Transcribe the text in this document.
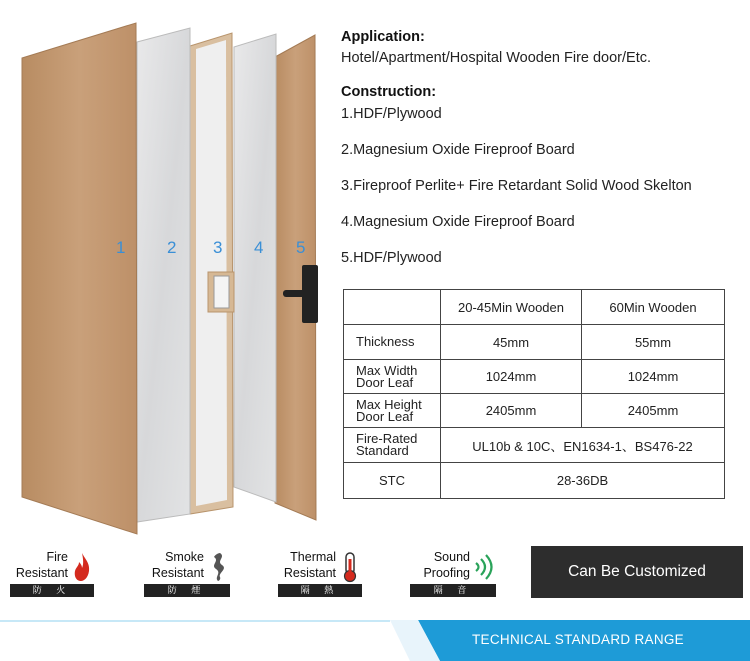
1 2 3 4 5
Application:
Hotel/Apartment/Hospital Wooden Fire door/Etc.
Construction:
1.HDF/Plywood
2.Magnesium Oxide Fireproof Board
3.Fireproof Perlite+ Fire Retardant Solid Wood Skelton
4.Magnesium Oxide Fireproof Board
5.HDF/Plywood
	20-45Min Wooden	60Min Wooden
Thickness	45mm	55mm
Max Width
Door Leaf	1024mm	1024mm
Max Height
Door Leaf	2405mm	2405mm
Fire-Rated
Standard	UL10b & 10C、EN1634-1、BS476-22	
STC	28-36DB	
Fire
Resistant
防 火
Smoke
Resistant
防 煙
Thermal
Resistant
隔 熱
Sound
Proofing
隔 音
Can Be Customized
TECHNICAL STANDARD RANGE
